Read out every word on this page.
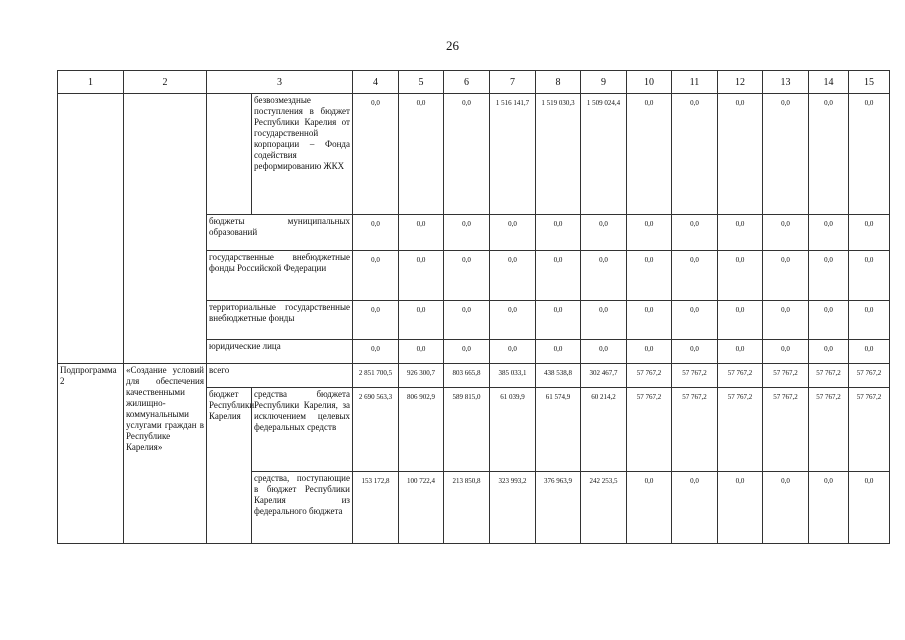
26
1	2	3		4	5	6	7	8	9	10	11	12	13	14	15
			безвозмездные поступления в бюджет Республики Карелия от государственной корпорации – Фонда содействия реформированию ЖКХ	0,0	0,0	0,0	1 516 141,7	1 519 030,3	1 509 024,4	0,0	0,0	0,0	0,0	0,0	0,0
		бюджеты муниципальных образований		0,0	0,0	0,0	0,0	0,0	0,0	0,0	0,0	0,0	0,0	0,0	0,0
		государственные внебюджетные фонды Российской Федерации		0,0	0,0	0,0	0,0	0,0	0,0	0,0	0,0	0,0	0,0	0,0	0,0
		территориальные государственные внебюджетные фонды		0,0	0,0	0,0	0,0	0,0	0,0	0,0	0,0	0,0	0,0	0,0	0,0
		юридические лица		0,0	0,0	0,0	0,0	0,0	0,0	0,0	0,0	0,0	0,0	0,0	0,0
Подпрограмма 2	«Создание условий для обеспечения качественными жилищно-коммунальными услугами граждан в Республике Карелия»	всего		2 851 700,5	926 300,7	803 665,8	385 033,1	438 538,8	302 467,7	57 767,2	57 767,2	57 767,2	57 767,2	57 767,2	57 767,2
		бюджет Республики Карелия	средства бюджета Республики Карелия, за исключением целевых федеральных средств	2 690 563,3	806 902,9	589 815,0	61 039,9	61 574,9	60 214,2	57 767,2	57 767,2	57 767,2	57 767,2	57 767,2	57 767,2
			средства, поступающие в бюджет Республики Карелия из федерального бюджета	153 172,8	100 722,4	213 850,8	323 993,2	376 963,9	242 253,5	0,0	0,0	0,0	0,0	0,0	0,0
